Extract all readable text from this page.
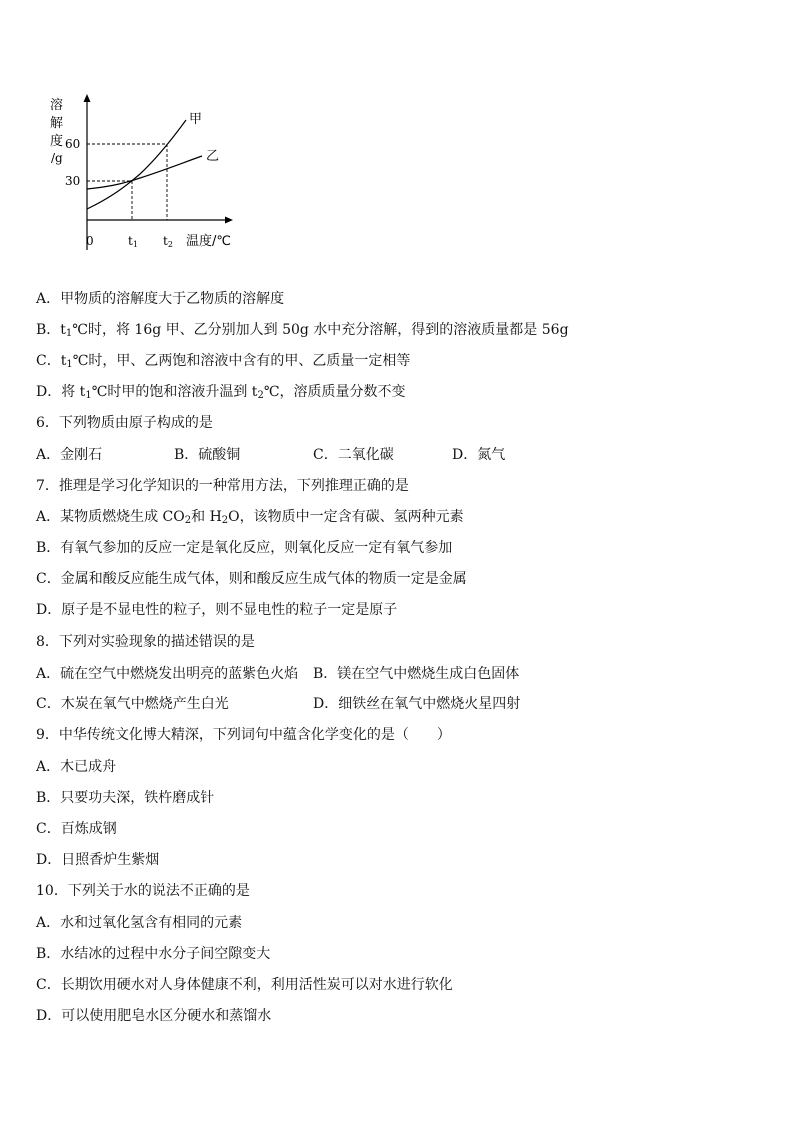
溶
解
度
/g
60
30
0	t1 t2 温度/℃
甲
乙
A．甲物质的溶解度大于乙物质的溶解度
B．$t_1℃$时，将 16g 甲、乙分别加人到 50g 水中充分溶解，得到的溶液质量都是 56g
C．$t_1℃$时，甲、乙两饱和溶液中含有的甲、乙质量一定相等
D．将 $t_1℃$时甲的饱和溶液升温到 $t_2℃$，溶质质量分数不变
6．下列物质由原子构成的是
A．金刚石	B．硫酸铜	C．二氧化碳	D．氮气
7．推理是学习化学知识的一种常用方法，下列推理正确的是
A．某物质燃烧生成 $CO_2$和 $H_2O$，该物质中一定含有碳、氢两种元素
B．有氧气参加的反应一定是氧化反应，则氧化反应一定有氧气参加
C．金属和酸反应能生成气体，则和酸反应生成气体的物质一定是金属
D．原子是不显电性的粒子，则不显电性的粒子一定是原子
8．下列对实验现象的描述错误的是
A．硫在空气中燃烧发出明亮的蓝紫色火焰 B．镁在空气中燃烧生成白色固体
C．木炭在氧气中燃烧产生白光	D．细铁丝在氧气中燃烧火星四射
9．中华传统文化博大精深，下列词句中蕴含化学变化的是（　　）
A．木已成舟
B．只要功夫深，铁杵磨成针
C．百炼成钢
D．日照香炉生紫烟
10．下列关于水的说法不正确的是
A．水和过氧化氢含有相同的元素
B．水结冰的过程中水分子间空隙变大
C．长期饮用硬水对人身体健康不利，利用活性炭可以对水进行软化
D．可以使用肥皂水区分硬水和蒸馏水
